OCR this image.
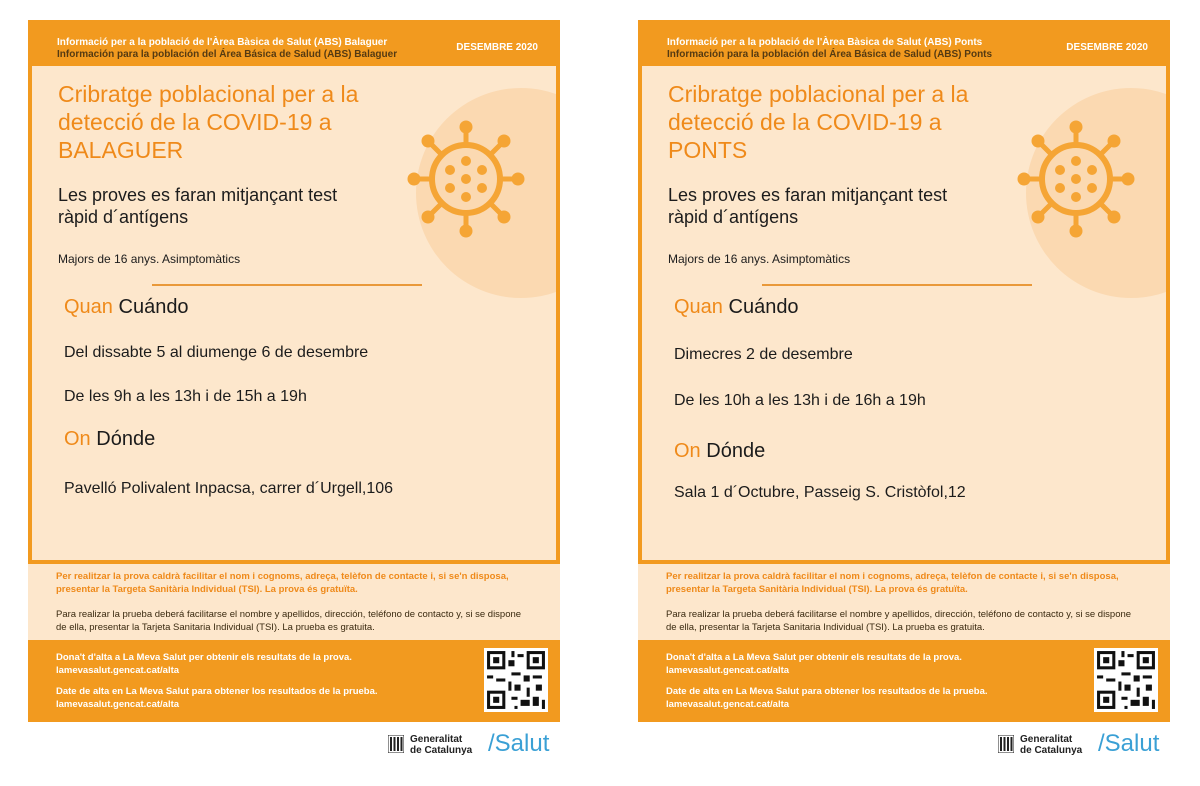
Informació per a la població de l'Àrea Bàsica de Salut (ABS) Balaguer
Información para la población del Área Básica de Salud (ABS) Balaguer
DESEMBRE 2020
Cribratge poblacional per a la
detecció de la COVID-19 a
BALAGUER

Les proves es faran mitjançant test
ràpid d´antígens

Majors de 16 anys. Asimptomàtics
Quan Cuándo
Del dissabte 5 al diumenge 6 de desembre
De les 9h a les 13h i de 15h a 19h
On Dónde
Pavelló Polivalent Inpacsa, carrer d´Urgell,106
Per realitzar la prova caldrà facilitar el nom i cognoms, adreça, telèfon de contacte i, si se'n disposa, presentar la Targeta Sanitària Individual (TSI). La prova és gratuïta.
Para realizar la prueba deberá facilitarse el nombre y apellidos, dirección, teléfono de contacto y, si se dispone de ella, presentar la Tarjeta Sanitaria Individual (TSI). La prueba es gratuita.
Dona't d'alta a La Meva Salut per obtenir els resultats de la prova.
lamevasalut.gencat.cat/alta
Date de alta en La Meva Salut para obtener los resultados de la prueba.
lamevasalut.gencat.cat/alta
Informació per a la població de l'Àrea Bàsica de Salut (ABS) Ponts
Información para la población del Área Básica de Salud (ABS) Ponts
DESEMBRE 2020
Cribratge poblacional per a la
detecció de la COVID-19 a
PONTS

Les proves es faran mitjançant test
ràpid d´antígens

Majors de 16 anys. Asimptomàtics
Quan Cuándo
Dimecres 2 de desembre
De les 10h a les 13h i de 16h a 19h
On Dónde
Sala 1 d´Octubre, Passeig S. Cristòfol,12
Per realitzar la prova caldrà facilitar el nom i cognoms, adreça, telèfon de contacte i, si se'n disposa, presentar la Targeta Sanitària Individual (TSI). La prova és gratuïta.
Para realizar la prueba deberá facilitarse el nombre y apellidos, dirección, teléfono de contacto y, si se dispone de ella, presentar la Tarjeta Sanitaria Individual (TSI). La prueba es gratuita.
Dona't d'alta a La Meva Salut per obtenir els resultats de la prova.
lamevasalut.gencat.cat/alta
Date de alta en La Meva Salut para obtener los resultados de la prueba.
lamevasalut.gencat.cat/alta
Generalitat
de Catalunya /Salut	Generalitat
de Catalunya /Salut
